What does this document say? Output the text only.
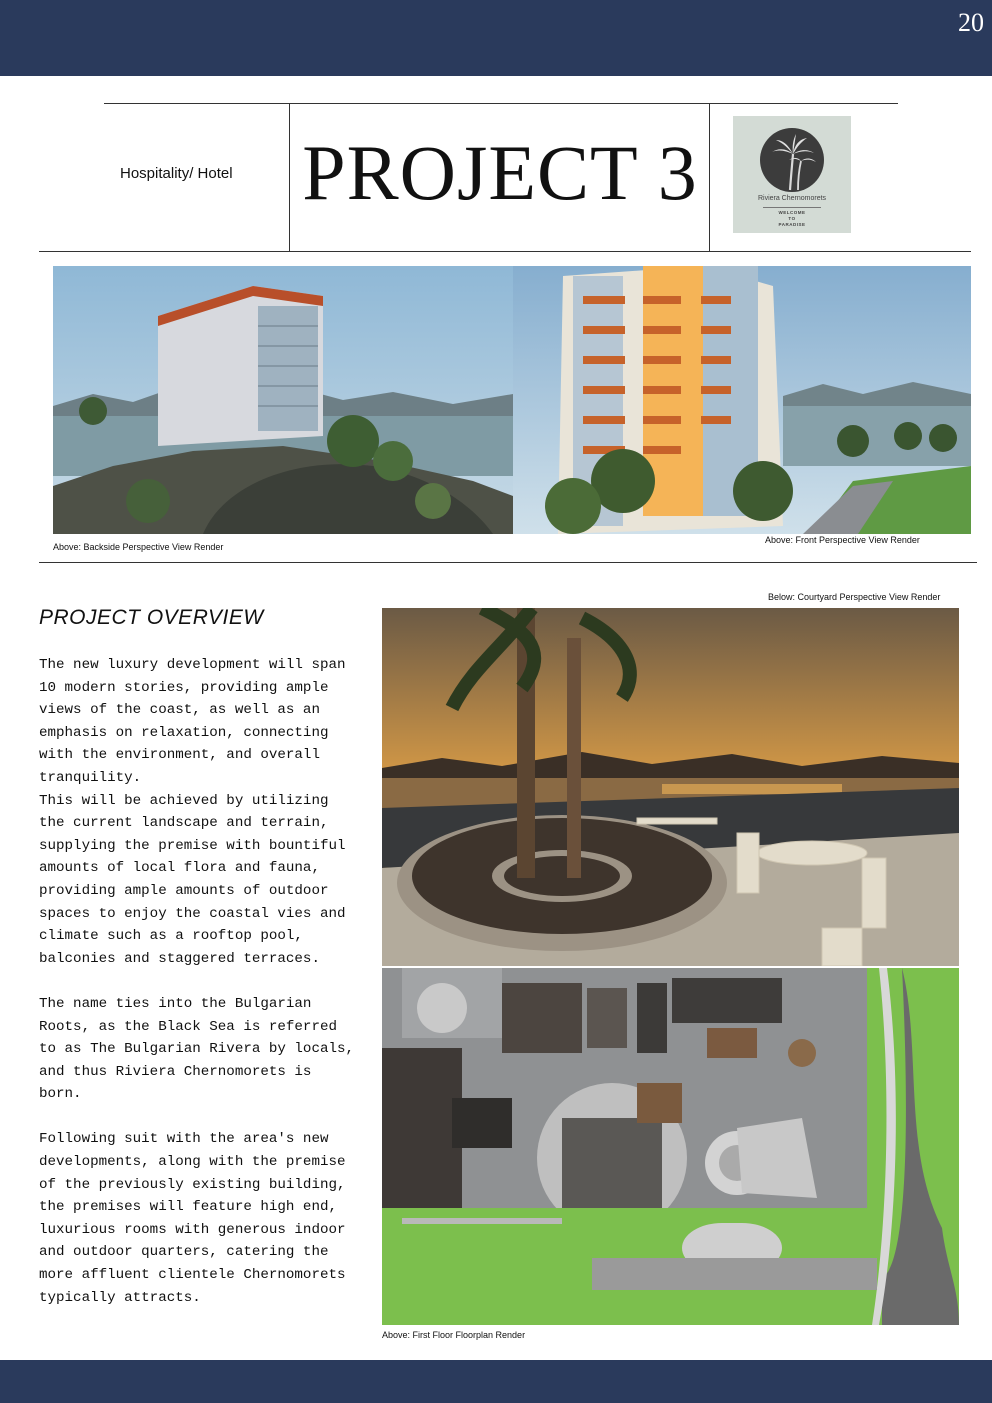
20
Hospitality/ Hotel PROJECT 3	Riviera Chernomorets
WELCOME
TO
PARADISE
Above: Backside Perspective View Render
Above: Front Perspective View Render
Below: Courtyard Perspective View Render
Above: First Floor Floorplan Render
PROJECT OVERVIEW

The new luxury development will span 10 modern stories, providing ample views of the coast, as well as an emphasis on relaxation, connecting with the environment, and overall tranquility.

This will be achieved by utilizing the current landscape and terrain, supplying the premise with bountiful amounts of local flora and fauna, providing ample amounts of outdoor spaces to enjoy the coastal vies and climate such as a rooftop pool, balconies and staggered terraces.

The name ties into the Bulgarian Roots, as the Black Sea is referred to as The Bulgarian Rivera by locals, and thus Riviera Chernomorets is born.

Following suit with the area's new developments, along with the premise of the previously existing building, the premises will feature high end, luxurious rooms with generous indoor and outdoor quarters, catering the more affluent clientele Chernomorets typically attracts.
